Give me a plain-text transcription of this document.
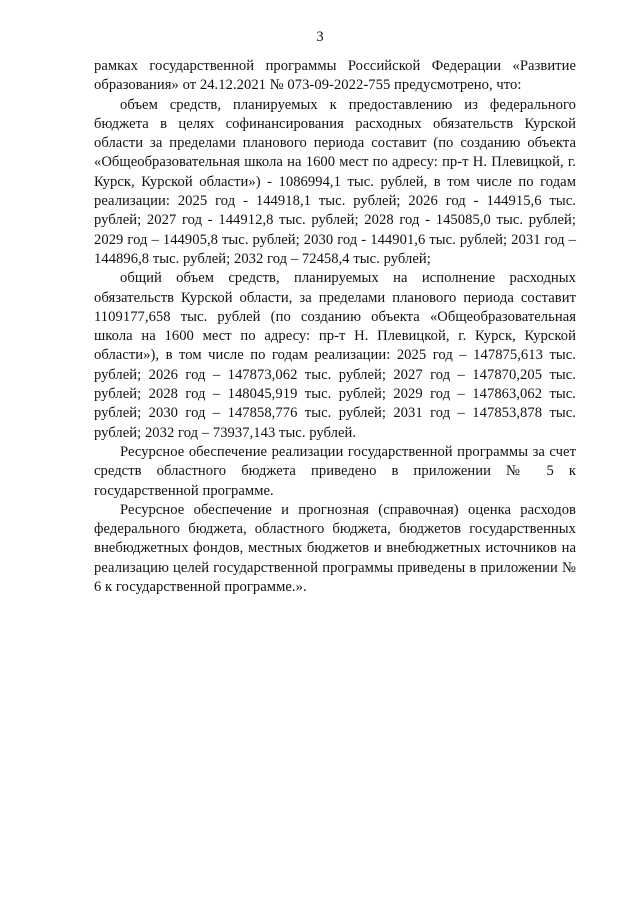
3

рамках государственной программы Российской Федерации «Развитие образования» от 24.12.2021 № 073-09-2022-755 предусмотрено, что:

объем средств, планируемых к предоставлению из федерального бюджета в целях софинансирования расходных обязательств Курской области за пределами планового периода составит (по созданию объекта «Общеобразовательная школа на 1600 мест по адресу: пр-т Н. Плевицкой, г. Курск, Курской области») - 1086994,1 тыс. рублей, в том числе по годам реализации: 2025 год - 144918,1 тыс. рублей; 2026 год - 144915,6 тыс. рублей; 2027 год - 144912,8 тыс. рублей; 2028 год - 145085,0 тыс. рублей; 2029 год – 144905,8 тыс. рублей; 2030 год - 144901,6 тыс. рублей; 2031 год – 144896,8 тыс. рублей; 2032 год – 72458,4 тыс. рублей;

общий объем средств, планируемых на исполнение расходных обязательств Курской области, за пределами планового периода составит 1109177,658 тыс. рублей (по созданию объекта «Общеобразовательная школа на 1600 мест по адресу: пр-т Н. Плевицкой, г. Курск, Курской области»), в том числе по годам реализации: 2025 год – 147875,613 тыс. рублей; 2026 год – 147873,062 тыс. рублей; 2027 год – 147870,205 тыс. рублей; 2028 год – 148045,919 тыс. рублей; 2029 год – 147863,062 тыс. рублей; 2030 год – 147858,776 тыс. рублей; 2031 год – 147853,878 тыс. рублей; 2032 год – 73937,143 тыс. рублей.

Ресурсное обеспечение реализации государственной программы за счет средств областного бюджета приведено в приложении № 5 к государственной программе.

Ресурсное обеспечение и прогнозная (справочная) оценка расходов федерального бюджета, областного бюджета, бюджетов государственных внебюджетных фондов, местных бюджетов и внебюджетных источников на реализацию целей государственной программы приведены в приложении № 6 к государственной программе.».
